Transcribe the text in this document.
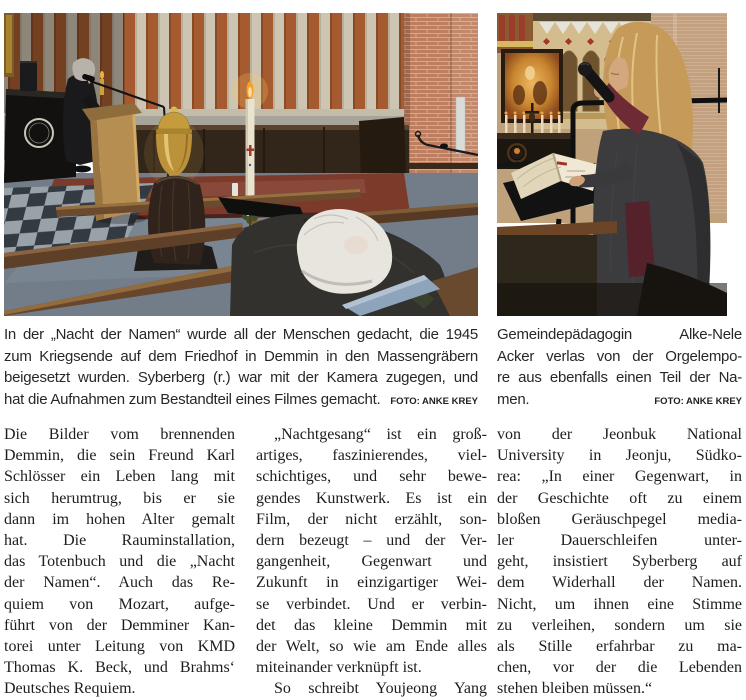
In der „Nacht der Namen“ wurde all der Menschen gedacht, die 1945
zum Kriegsende auf dem Friedhof in Demmin in den Massengräbern
beigesetzt wurden. Syberberg (r.) war mit der Kamera zugegen, und
hat die Aufnahmen zum Bestandteil eines Filmes gemacht.	FOTO: ANKE KREY
Gemeindepädagogin Alke-Nele
Acker verlas von der Orgelempo-
re aus ebenfalls einen Teil der Na-
men.	FOTO: ANKE KREY
Die Bilder vom brennenden
Demmin, die sein Freund Karl
Schlösser ein Leben lang mit
sich herumtrug, bis er sie
dann im hohen Alter gemalt
hat. Die Rauminstallation,
das Totenbuch und die „Nacht
der Namen“. Auch das Re-
quiem von Mozart, aufge-
führt von der Demminer Kan-
torei unter Leitung von KMD
Thomas K. Beck, und Brahms‘
Deutsches Requiem.
„Nachtgesang“ ist ein groß-
artiges, faszinierendes, viel-
schichtiges, und sehr bewe-
gendes Kunstwerk. Es ist ein
Film, der nicht erzählt, son-
dern bezeugt – und der Ver-
gangenheit, Gegenwart und
Zukunft in einzigartiger Wei-
se verbindet. Und er verbin-
det das kleine Demmin mit
der Welt, so wie am Ende alles
miteinander verknüpft ist.
So schreibt Youjeong Yang
von der Jeonbuk National
University in Jeonju, Südko-
rea: „In einer Gegenwart, in
der Geschichte oft zu einem
bloßen Geräuschpegel media-
ler Dauerschleifen unter-
geht, insistiert Syberberg auf
dem Widerhall der Namen.
Nicht, um ihnen eine Stimme
zu verleihen, sondern um sie
als Stille erfahrbar zu ma-
chen, vor der die Lebenden
stehen bleiben müssen.“
